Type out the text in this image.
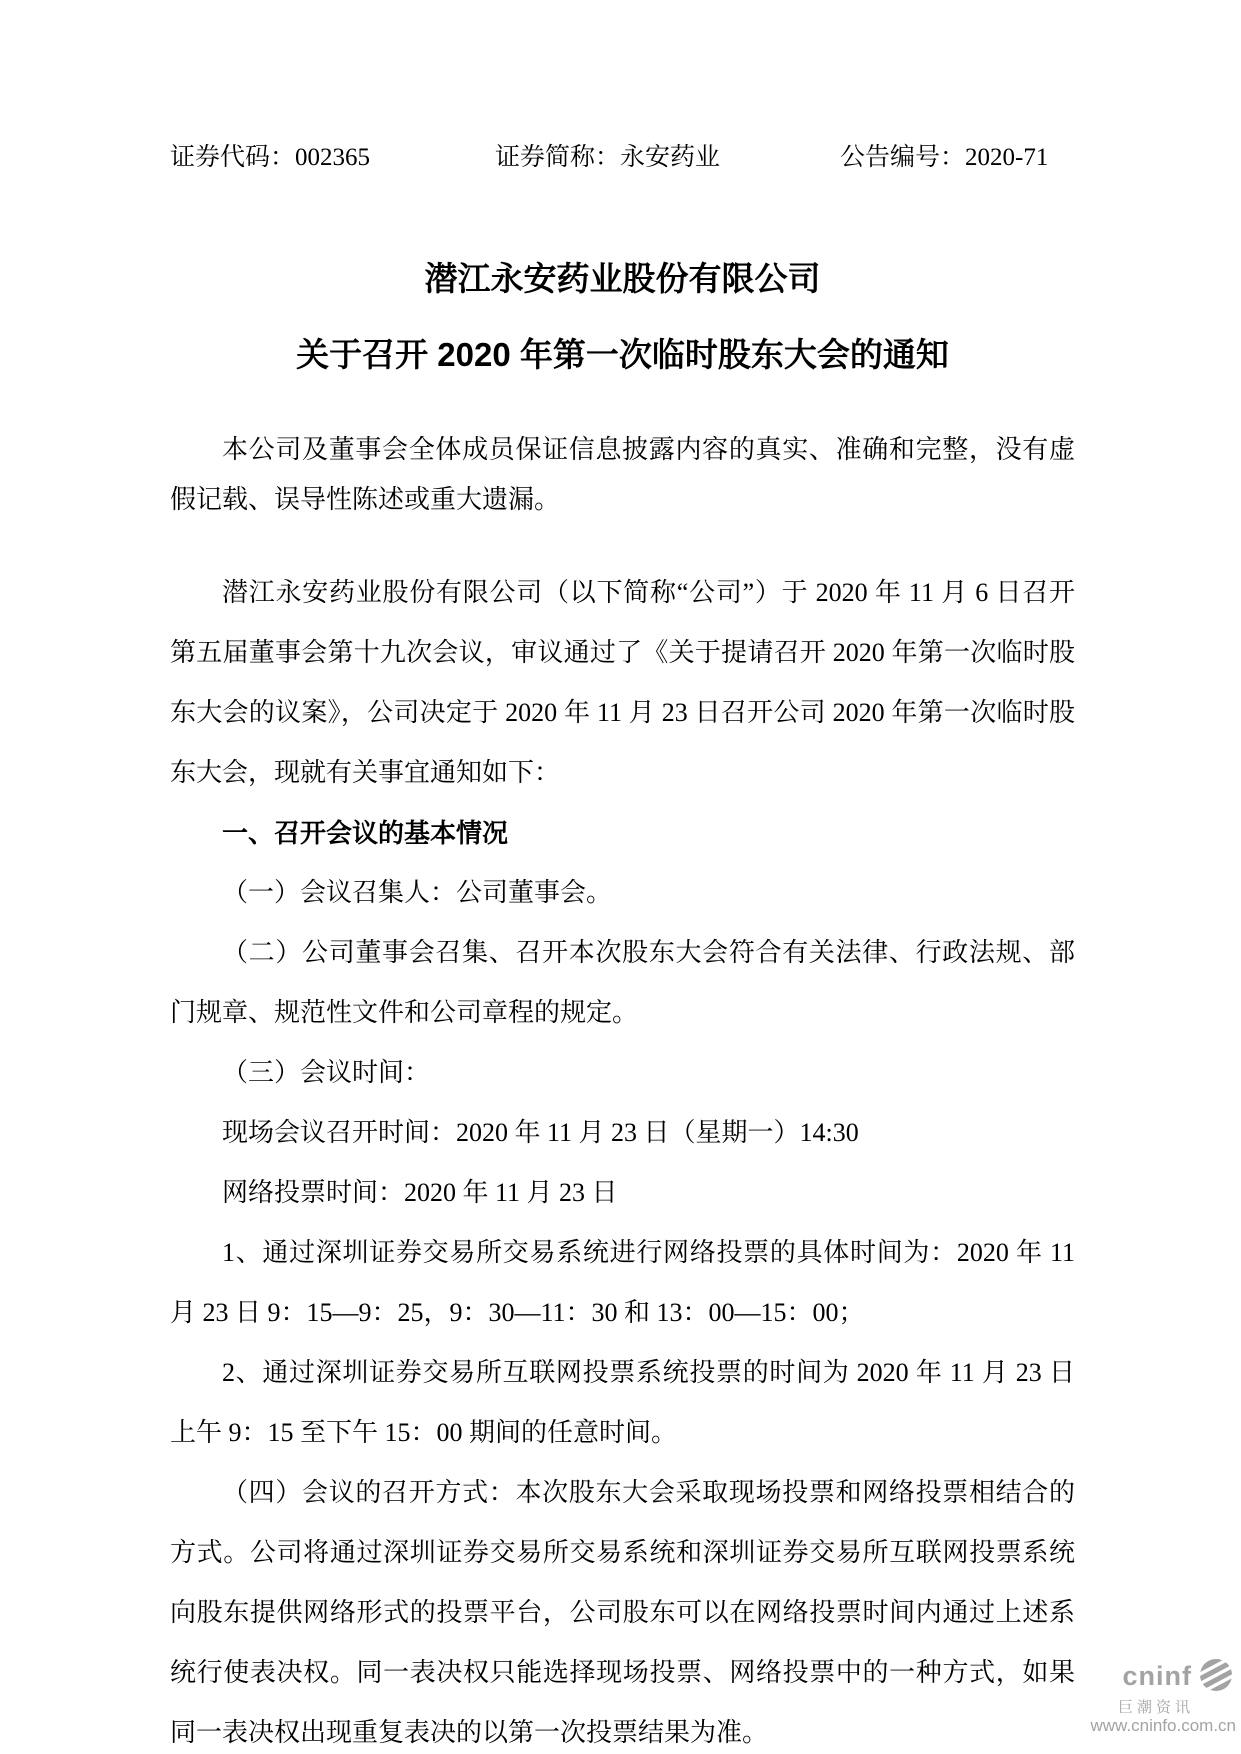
证券代码：002365	证券简称：永安药业	公告编号：2020-71
潜江永安药业股份有限公司
关于召开 2020 年第一次临时股东大会的通知

本公司及董事会全体成员保证信息披露内容的真实、准确和完整，没有虚假记载、误导性陈述或重大遗漏。

潜江永安药业股份有限公司（以下简称“公司”）于 2020 年 11 月 6 日召开第五届董事会第十九次会议，审议通过了《关于提请召开 2020 年第一次临时股东大会的议案》，公司决定于 2020 年 11 月 23 日召开公司 2020 年第一次临时股东大会，现就有关事宜通知如下：

一、召开会议的基本情况

（一）会议召集人：公司董事会。

（二）公司董事会召集、召开本次股东大会符合有关法律、行政法规、部门规章、规范性文件和公司章程的规定。

（三）会议时间：

现场会议召开时间：2020 年 11 月 23 日（星期一）14:30

网络投票时间：2020 年 11 月 23 日

1、通过深圳证券交易所交易系统进行网络投票的具体时间为：2020 年 11 月 23 日 9：15—9：25，9：30—11：30 和 13：00—15：00；

2、通过深圳证券交易所互联网投票系统投票的时间为 2020 年 11 月 23 日上午 9：15 至下午 15：00 期间的任意时间。

（四）会议的召开方式：本次股东大会采取现场投票和网络投票相结合的方式。公司将通过深圳证券交易所交易系统和深圳证券交易所互联网投票系统向股东提供网络形式的投票平台，公司股东可以在网络投票时间内通过上述系统行使表决权。同一表决权只能选择现场投票、网络投票中的一种方式，如果同一表决权出现重复表决的以第一次投票结果为准。

cninf
巨潮资讯
www.cninfo.com.cn
